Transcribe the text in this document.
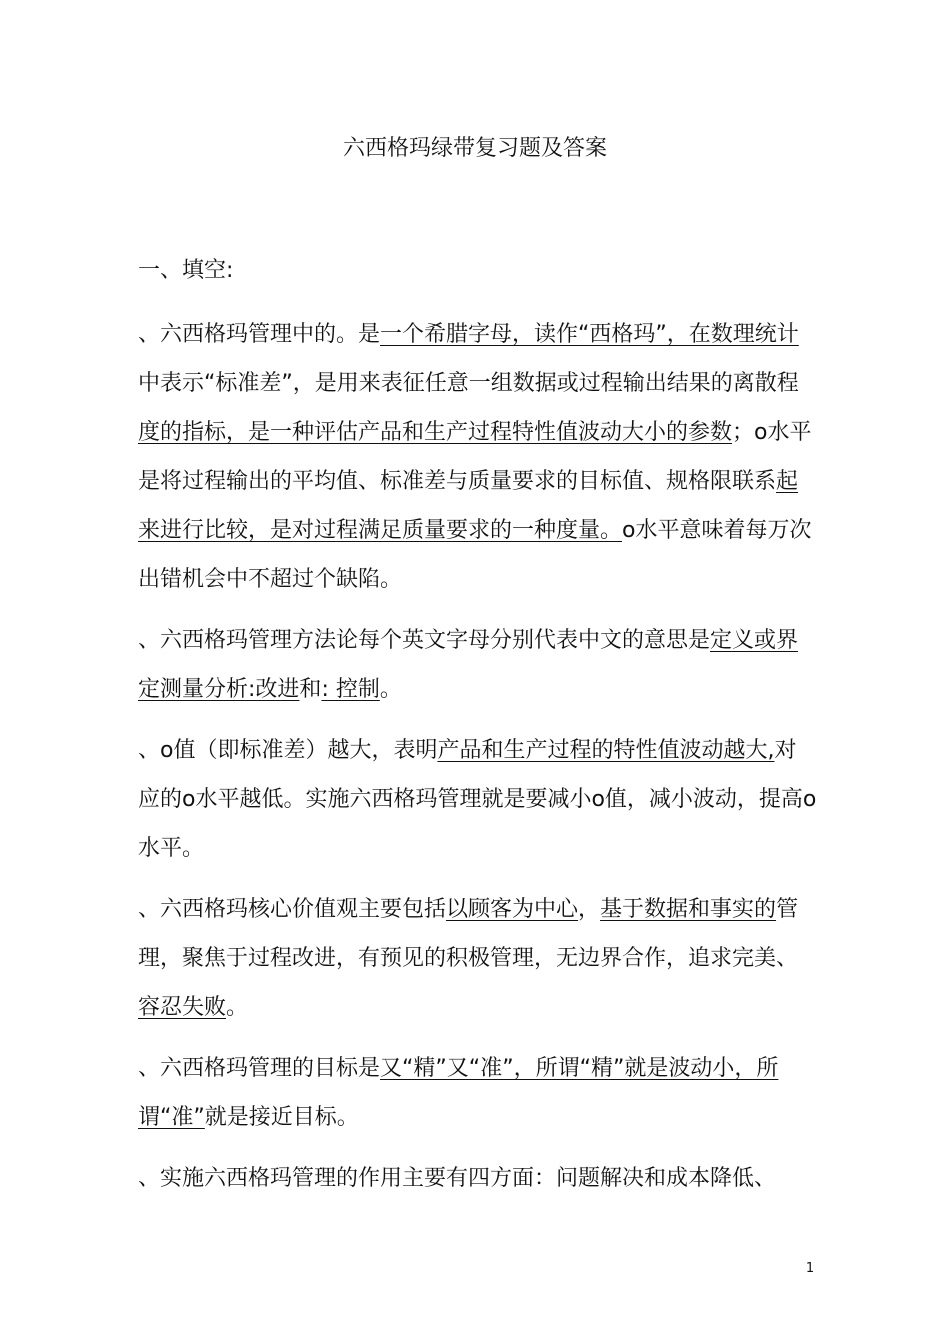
六西格玛绿带复习题及答案
一、填空:

、六西格玛管理中的。是一个希腊字母，读作“西格玛”，在数理统计中表示“标准差”，是用来表征任意一组数据或过程输出结果的离散程度的指标，是一种评估产品和生产过程特性值波动大小的参数；o水平是将过程输出的平均值、标准差与质量要求的目标值、规格限联系起来进行比较，是对过程满足质量要求的一种度量。o水平意味着每万次出错机会中不超过个缺陷。

、六西格玛管理方法论每个英文字母分别代表中文的意思是定义或界定测量分析:改进和: 控制。

、o值（即标准差）越大，表明产品和生产过程的特性值波动越大,对应的o水平越低。实施六西格玛管理就是要减小o值，减小波动，提高o水平。

、六西格玛核心价值观主要包括以顾客为中心，基于数据和事实的管理，聚焦于过程改进，有预见的积极管理，无边界合作，追求完美、容忍失败。

、六西格玛管理的目标是又“精”又“准”，所谓“精”就是波动小，所谓“准”就是接近目标。

、实施六西格玛管理的作用主要有四方面：问题解决和成本降低、

1
